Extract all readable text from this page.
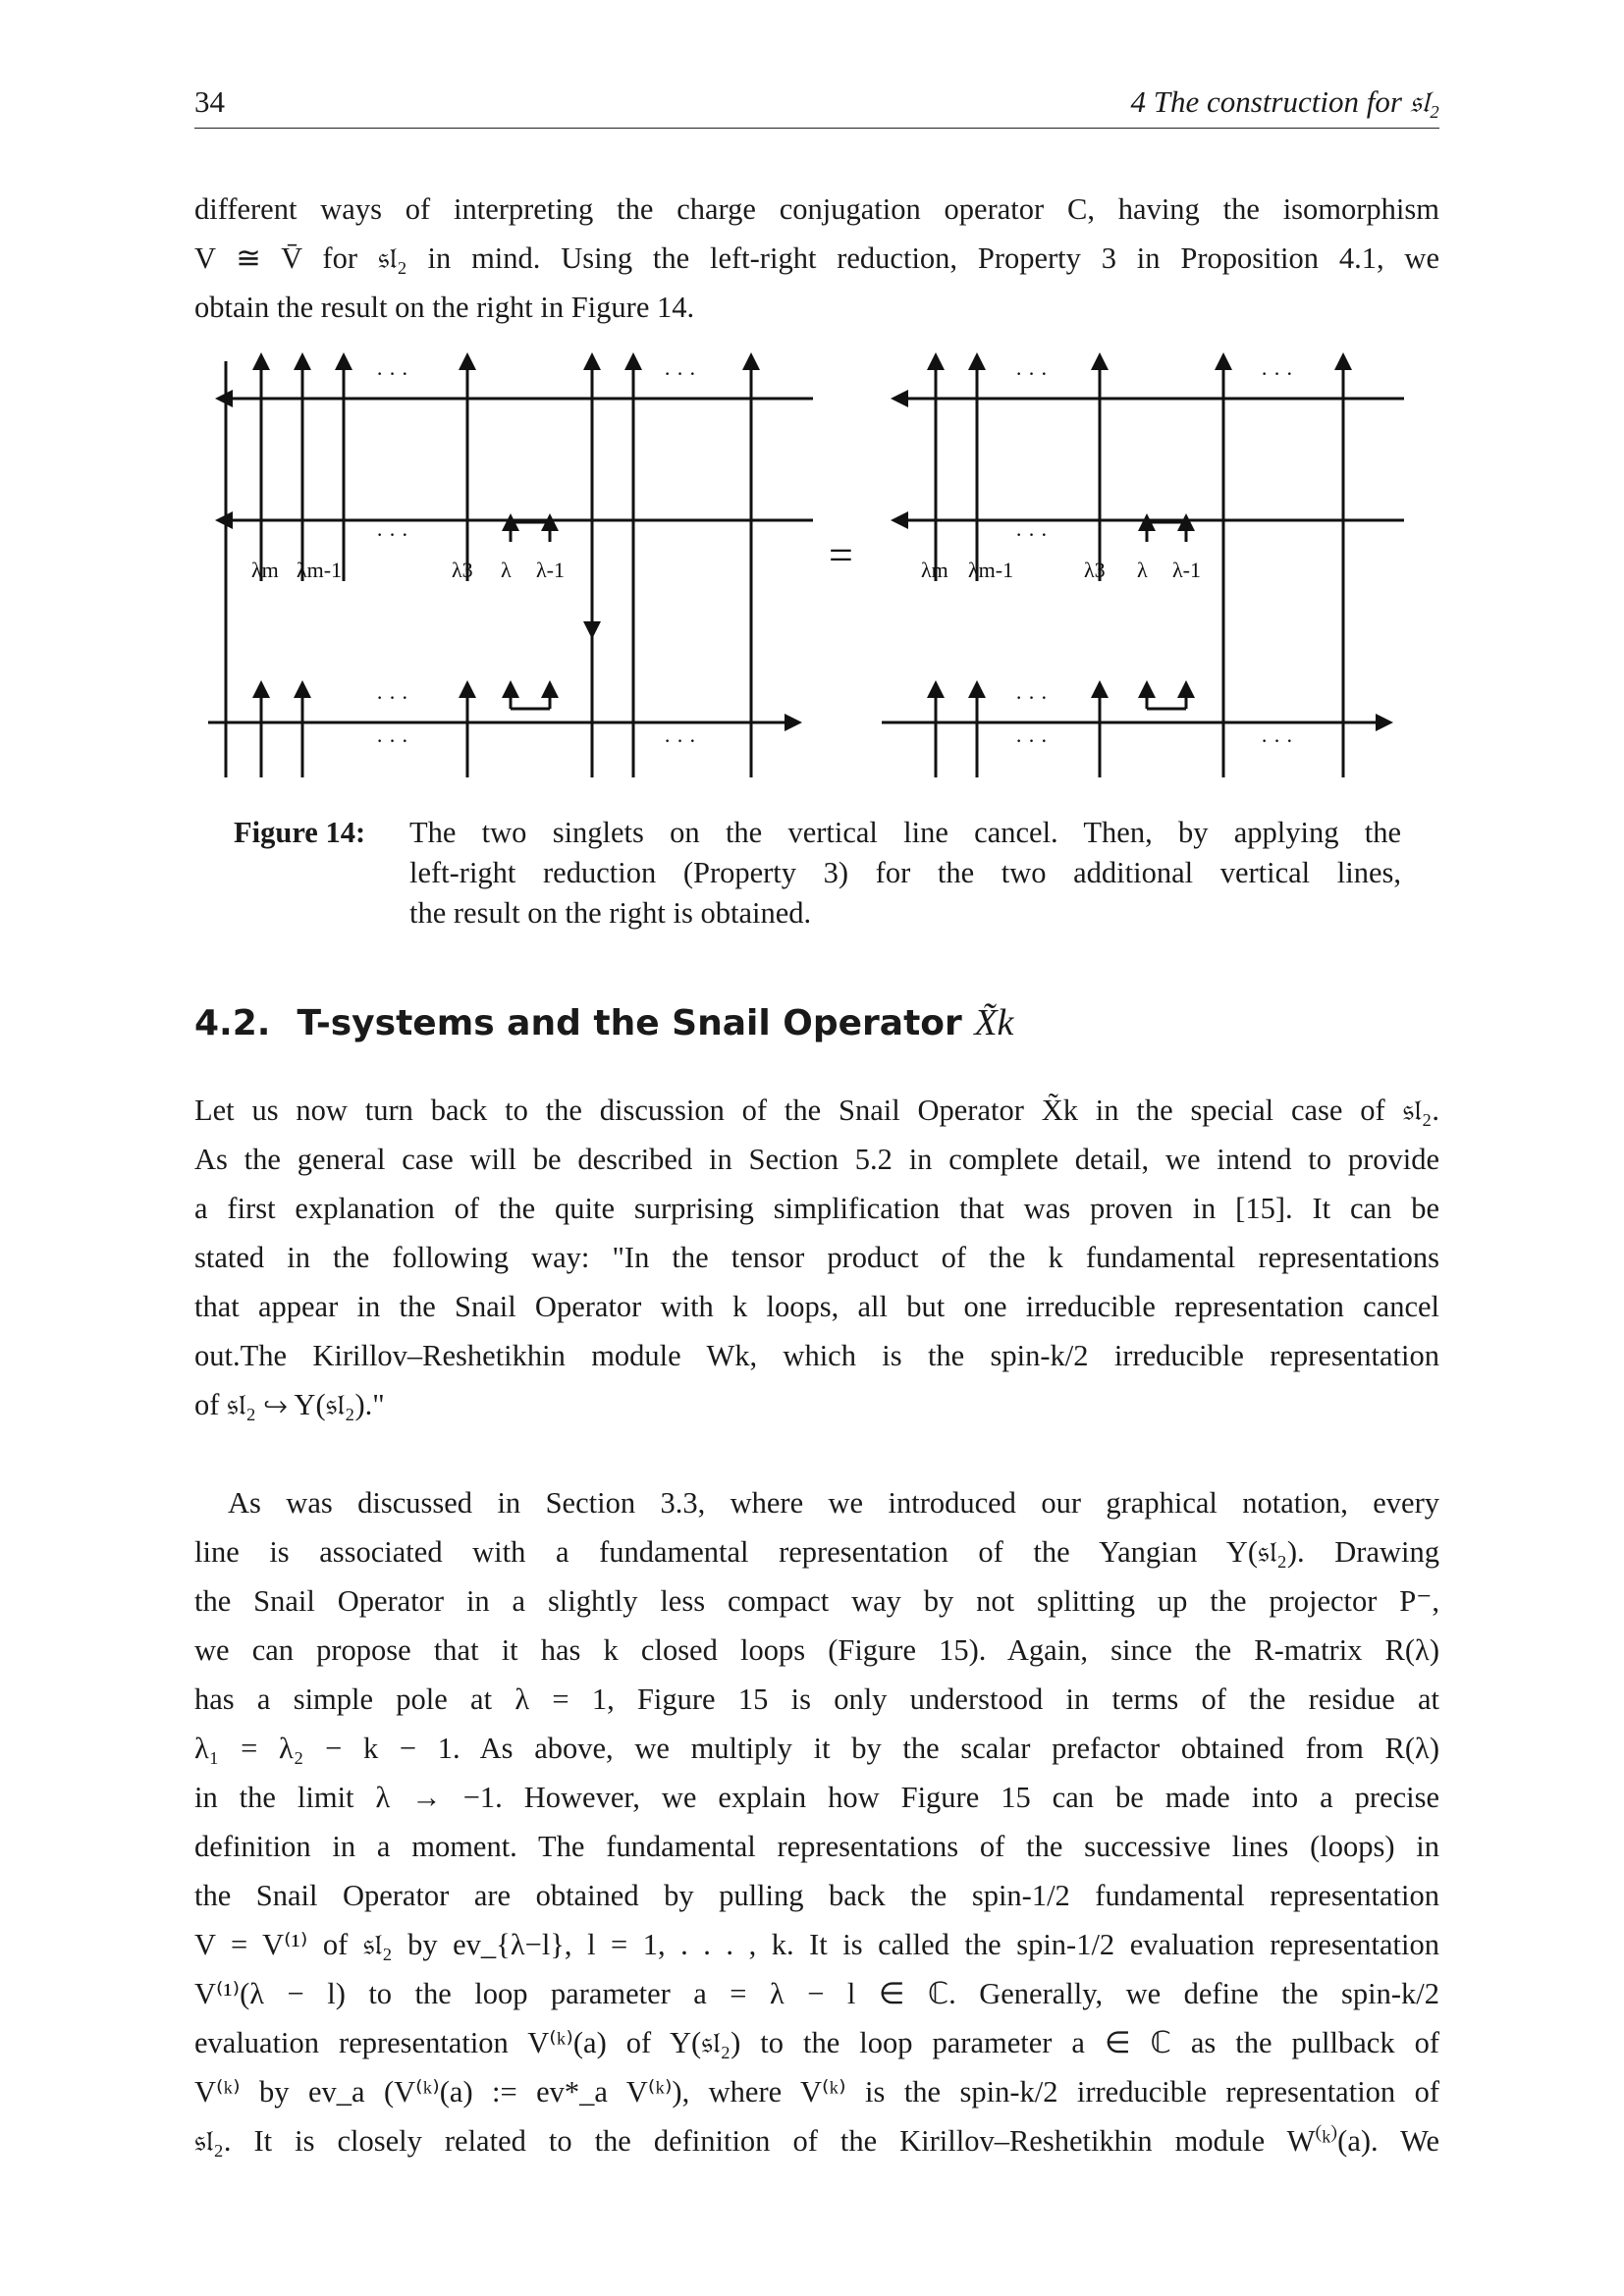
34	4 The construction for 𝔰𝔩₂
different ways of interpreting the charge conjugation operator C, having the isomorphism
V ≅ V̄ for 𝔰𝔩₂ in mind. Using the left-right reduction, Property 3 in Proposition 4.1, we
obtain the result on the right in Figure 14.
λm λm-1	λ3 λ λ-1	λm λm-1	λ3 λ λ-1
=
· · ·	· · ·
· · ·
· · ·
· · ·	· · ·
· · ·	· · ·
· · ·
· · ·
· · ·	· · ·
Figure 14: The two singlets on the vertical line cancel. Then, by applying the
left-right reduction (Property 3) for the two additional vertical lines,
the result on the right is obtained.
4.2. T-systems and the Snail Operator X̃k
Let us now turn back to the discussion of the Snail Operator X̃k in the special case of 𝔰𝔩₂.
As the general case will be described in Section 5.2 in complete detail, we intend to provide
a first explanation of the quite surprising simplification that was proven in [15]. It can be
stated in the following way: "In the tensor product of the k fundamental representations
that appear in the Snail Operator with k loops, all but one irreducible representation cancel
out.The Kirillov–Reshetikhin module Wk, which is the spin-k/2 irreducible representation
of 𝔰𝔩₂ ↪ Y(𝔰𝔩₂)."
As was discussed in Section 3.3, where we introduced our graphical notation, every
line is associated with a fundamental representation of the Yangian Y(𝔰𝔩₂). Drawing
the Snail Operator in a slightly less compact way by not splitting up the projector P⁻,
we can propose that it has k closed loops (Figure 15). Again, since the R-matrix R(λ)
has a simple pole at λ = 1, Figure 15 is only understood in terms of the residue at
λ₁ = λ₂ − k − 1. As above, we multiply it by the scalar prefactor obtained from R(λ)
in the limit λ → −1. However, we explain how Figure 15 can be made into a precise
definition in a moment. The fundamental representations of the successive lines (loops) in
the Snail Operator are obtained by pulling back the spin-1/2 fundamental representation
V = V⁽¹⁾ of 𝔰𝔩₂ by ev_{λ−l}, l = 1, . . . , k. It is called the spin-1/2 evaluation representation
V⁽¹⁾(λ − l) to the loop parameter a = λ − l ∈ ℂ. Generally, we define the spin-k/2
evaluation representation V⁽ᵏ⁾(a) of Y(𝔰𝔩₂) to the loop parameter a ∈ ℂ as the pullback of
V⁽ᵏ⁾ by ev_a (V⁽ᵏ⁾(a) := ev*_a V⁽ᵏ⁾), where V⁽ᵏ⁾ is the spin-k/2 irreducible representation of
𝔰𝔩₂. It is closely related to the definition of the Kirillov–Reshetikhin module W⁽ᵏ⁾(a). We
